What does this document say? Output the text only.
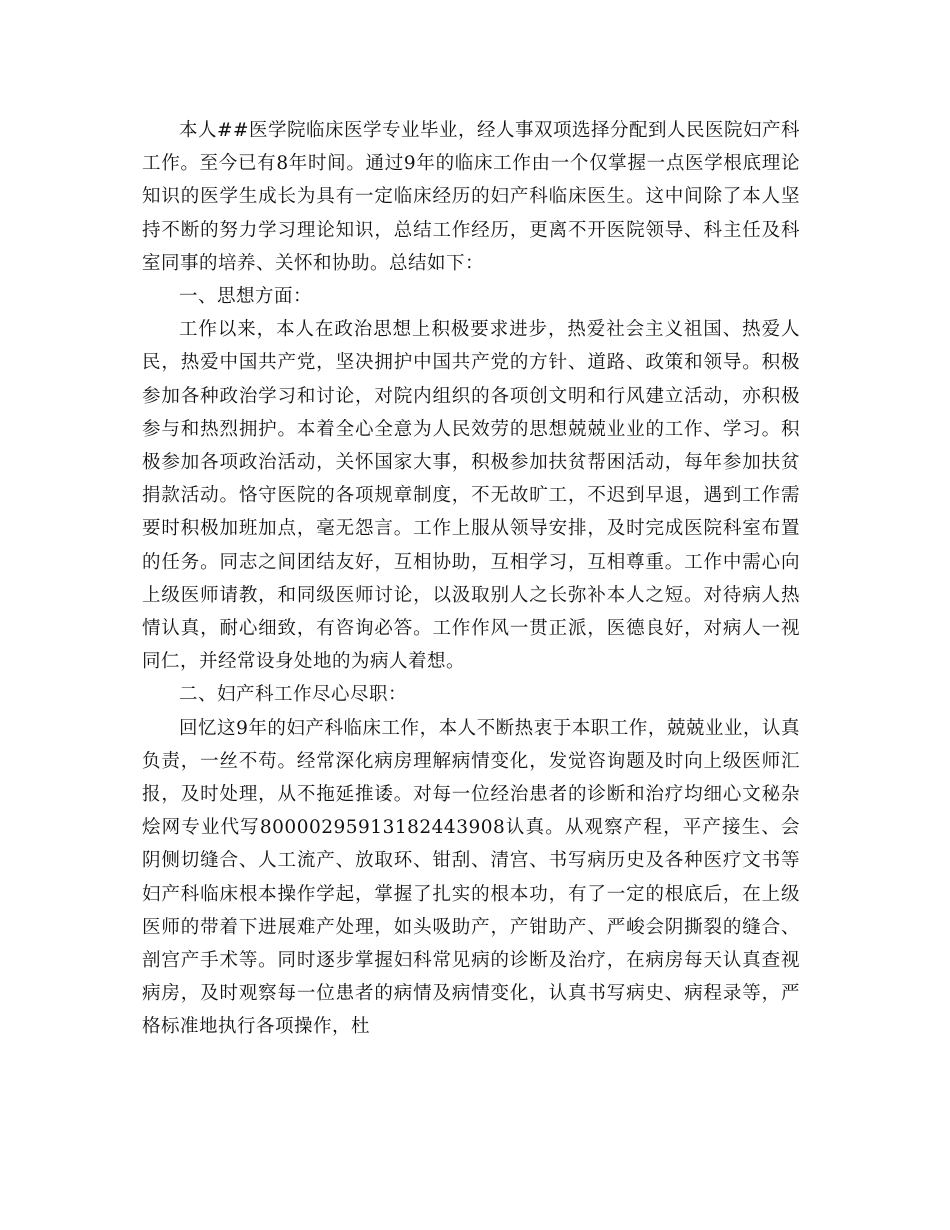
本人##医学院临床医学专业毕业，经人事双项选择分配到人民医院妇产科工作。至今已有8年时间。通过9年的临床工作由一个仅掌握一点医学根底理论知识的医学生成长为具有一定临床经历的妇产科临床医生。这中间除了本人坚持不断的努力学习理论知识，总结工作经历，更离不开医院领导、科主任及科室同事的培养、关怀和协助。总结如下：

一、思想方面：

工作以来，本人在政治思想上积极要求进步，热爱社会主义祖国、热爱人民，热爱中国共产党，坚决拥护中国共产党的方针、道路、政策和领导。积极参加各种政治学习和讨论，对院内组织的各项创文明和行风建立活动，亦积极参与和热烈拥护。本着全心全意为人民效劳的思想兢兢业业的工作、学习。积极参加各项政治活动，关怀国家大事，积极参加扶贫帮困活动，每年参加扶贫捐款活动。恪守医院的各项规章制度，不无故旷工，不迟到早退，遇到工作需要时积极加班加点，毫无怨言。工作上服从领导安排，及时完成医院科室布置的任务。同志之间团结友好，互相协助，互相学习，互相尊重。工作中需心向上级医师请教，和同级医师讨论，以汲取别人之长弥补本人之短。对待病人热情认真，耐心细致，有咨询必答。工作作风一贯正派，医德良好，对病人一视同仁，并经常设身处地的为病人着想。

二、妇产科工作尽心尽职：

回忆这9年的妇产科临床工作，本人不断热衷于本职工作，兢兢业业，认真负责，一丝不苟。经常深化病房理解病情变化，发觉咨询题及时向上级医师汇报，及时处理，从不拖延推诿。对每一位经治患者的诊断和治疗均细心文秘杂烩网专业代写80000295913182443908认真。从观察产程，平产接生、会阴侧切缝合、人工流产、放取环、钳刮、清宫、书写病历史及各种医疗文书等妇产科临床根本操作学起，掌握了扎实的根本功，有了一定的根底后，在上级医师的带着下进展难产处理，如头吸助产，产钳助产、严峻会阴撕裂的缝合、剖宫产手术等。同时逐步掌握妇科常见病的诊断及治疗，在病房每天认真查视病房，及时观察每一位患者的病情及病情变化，认真书写病史、病程录等，严格标准地执行各项操作，杜
